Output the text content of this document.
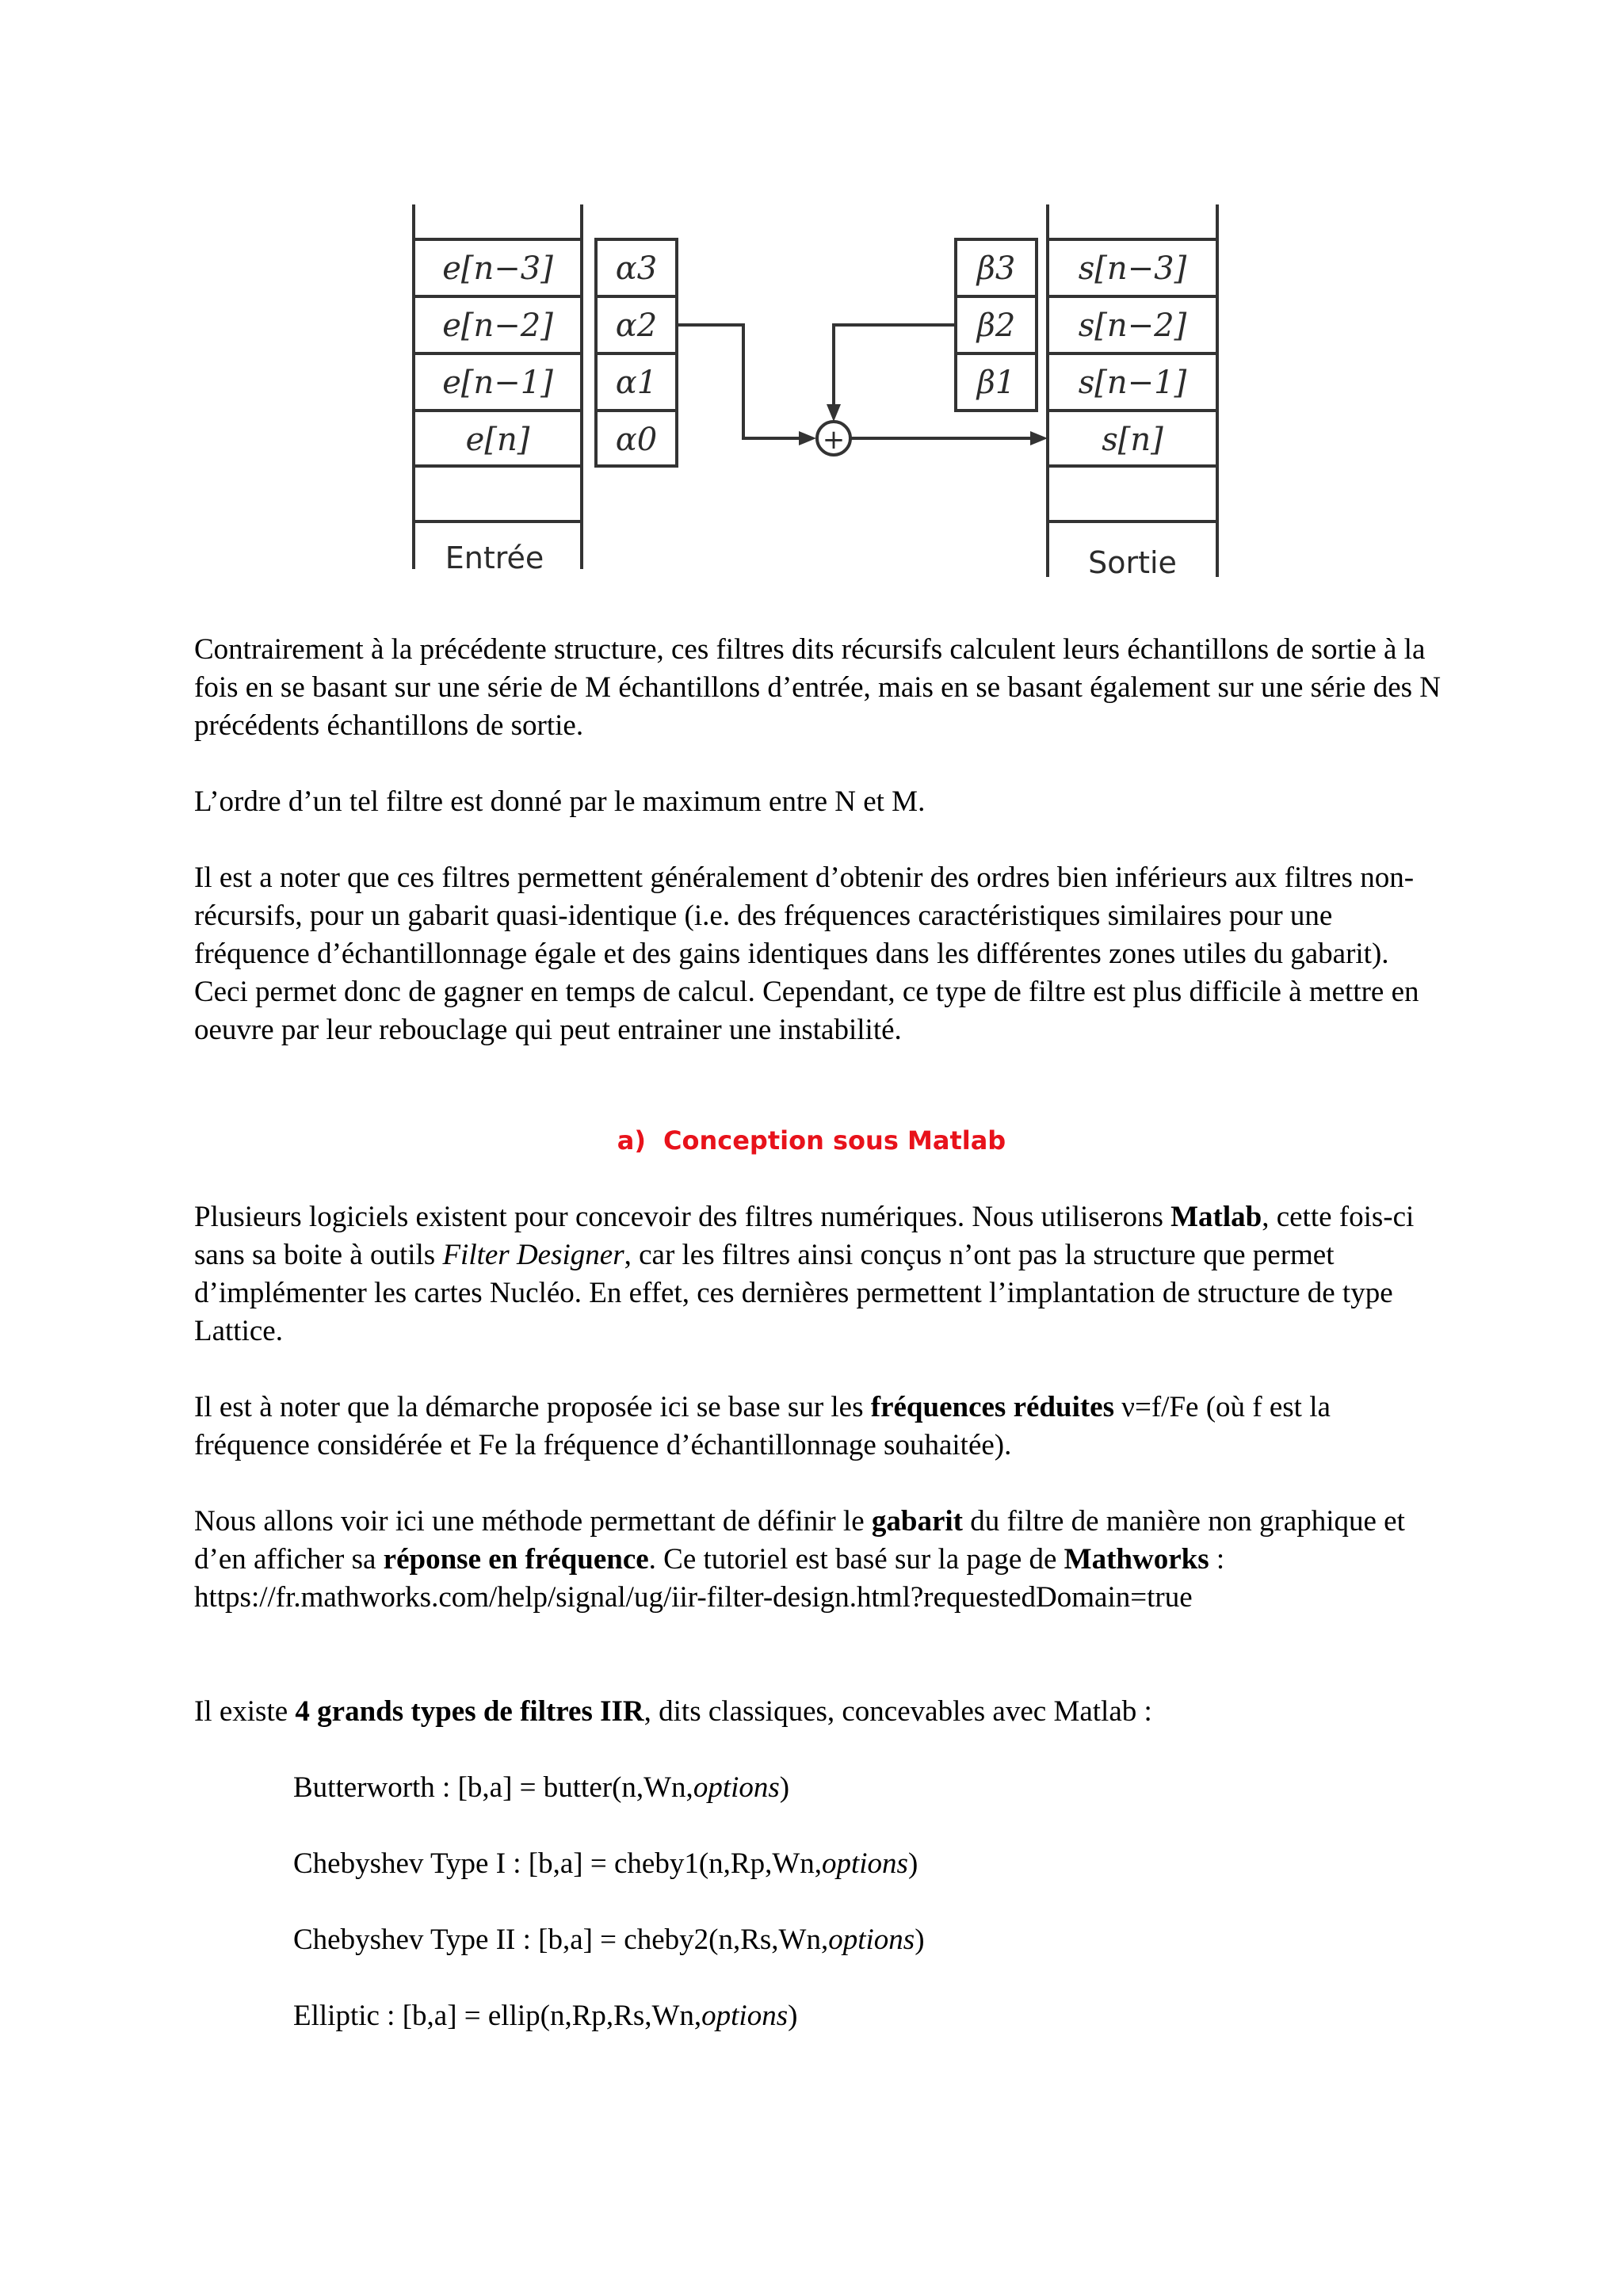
e[n−3]
e[n−2]
e[n−1]
e[n]
α3
α2
α1
α0
β3
β2
β1
s[n−3]
s[n−2]
s[n−1]
s[n]
+
Entrée	Sortie

Contrairement à la précédente structure, ces filtres dits récursifs calculent leurs échantillons de sortie à la fois en se basant sur une série de M échantillons d’entrée, mais en se basant également sur une série des N précédents échantillons de sortie.

L’ordre d’un tel filtre est donné par le maximum entre N et M.

Il est a noter que ces filtres permettent généralement d’obtenir des ordres bien inférieurs aux filtres non-récursifs, pour un gabarit quasi-identique (i.e. des fréquences caractéristiques similaires pour une fréquence d’échantillonnage égale et des gains identiques dans les différentes zones utiles du gabarit). Ceci permet donc de gagner en temps de calcul. Cependant, ce type de filtre est plus difficile à mettre en oeuvre par leur rebouclage qui peut entrainer une instabilité.

a) Conception sous Matlab

Plusieurs logiciels existent pour concevoir des filtres numériques. Nous utiliserons Matlab, cette fois-ci sans sa boite à outils Filter Designer, car les filtres ainsi conçus n’ont pas la structure que permet d’implémenter les cartes Nucléo. En effet, ces dernières permettent l’implantation de structure de type Lattice.

Il est à noter que la démarche proposée ici se base sur les fréquences réduites ν=f/Fe (où f est la fréquence considérée et Fe la fréquence d’échantillonnage souhaitée).

Nous allons voir ici une méthode permettant de définir le gabarit du filtre de manière non graphique et d’en afficher sa réponse en fréquence. Ce tutoriel est basé sur la page de Mathworks : https://fr.mathworks.com/help/signal/ug/iir-filter-design.html?requestedDomain=true

Il existe 4 grands types de filtres IIR, dits classiques, concevables avec Matlab :

Butterworth : [b,a] = butter(n,Wn,options)

Chebyshev Type I : [b,a] = cheby1(n,Rp,Wn,options)

Chebyshev Type II : [b,a] = cheby2(n,Rs,Wn,options)

Elliptic : [b,a] = ellip(n,Rp,Rs,Wn,options)
